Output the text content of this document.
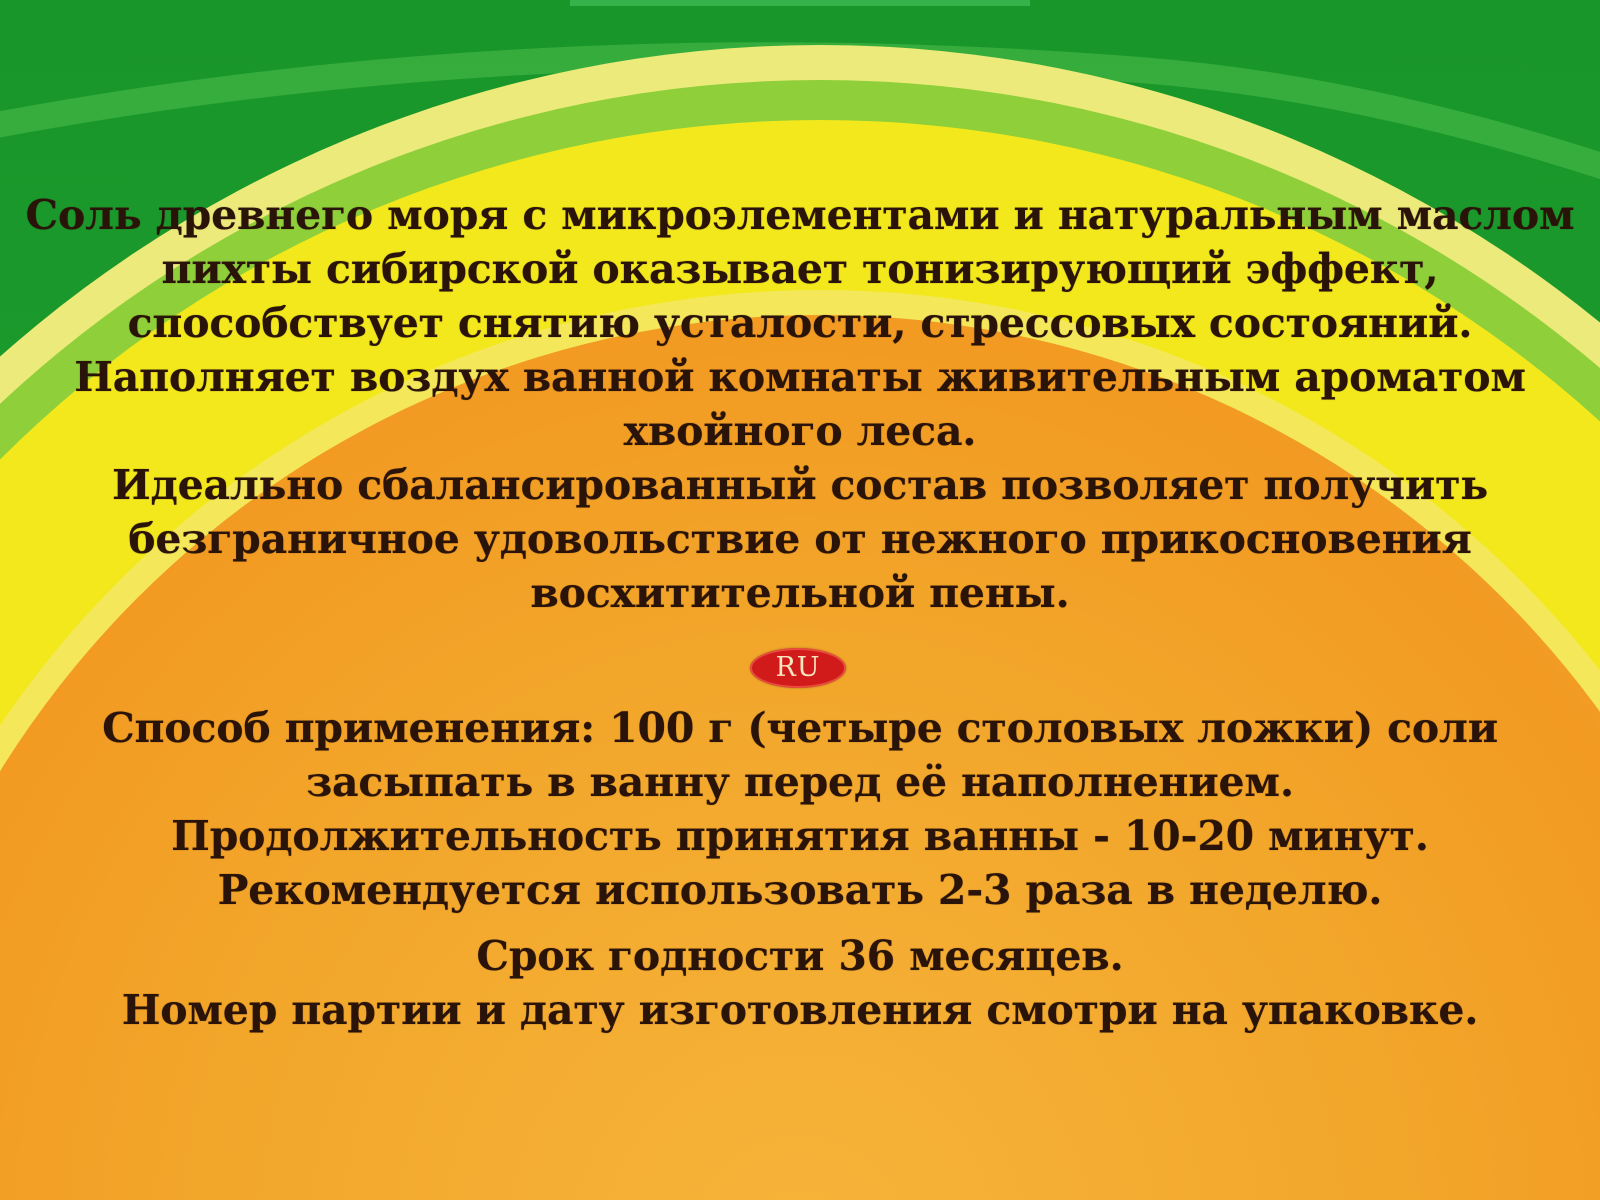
Соль древнего моря с микроэлементами и натуральным маслом
пихты сибирской оказывает тонизирующий эффект,
способствует снятию усталости, стрессовых состояний.
Наполняет воздух ванной комнаты живительным ароматом
хвойного леса.
Идеально сбалансированный состав позволяет получить
безграничное удовольствие от нежного прикосновения
восхитительной пены.
RU
Способ применения: 100 г (четыре столовых ложки) соли
засыпать в ванну перед её наполнением.
Продолжительность принятия ванны - 10-20 минут.
Рекомендуется использовать 2-3 раза в неделю.
Срок годности 36 месяцев.
Номер партии и дату изготовления смотри на упаковке.
